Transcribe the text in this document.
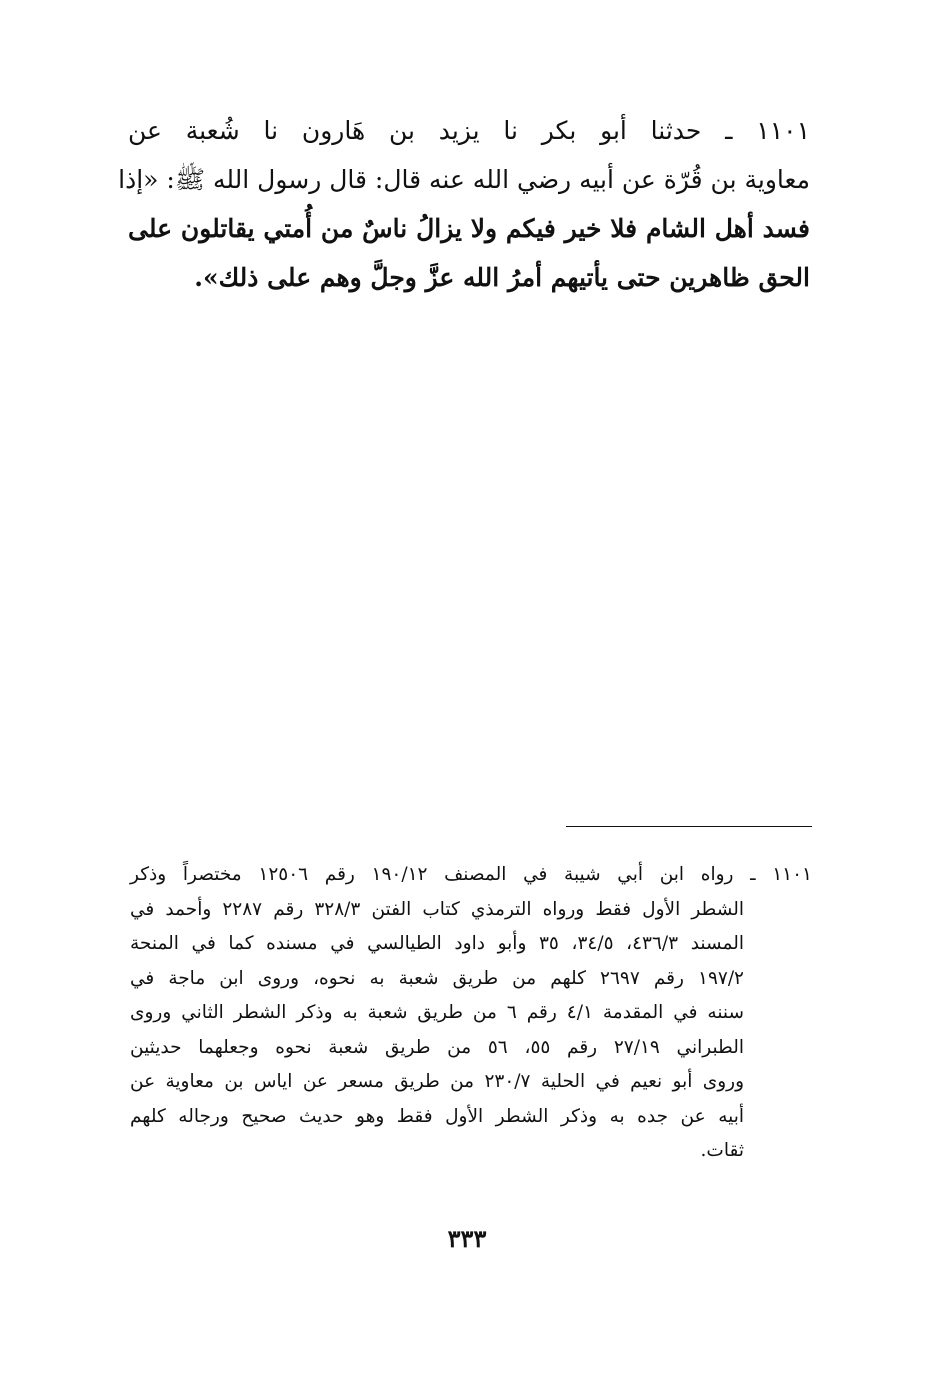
١١٠١ ـ حدثنا أبو بكر نا يزيد بن هَارون نا شُعبة عن
معاوية بن قُرّة عن أبيه رضي الله عنه قال: قال رسول الله ﷺ: «إذا
فسد أهل الشام فلا خير فيكم ولا يزالُ ناسٌ من أُمتي يقاتلون على
الحق ظاهرين حتى يأتيهم أمرُ الله عزَّ وجلَّ وهم على ذلك».
١١٠١ ـ رواه ابن أبي شيبة في المصنف ١٩٠/١٢ رقم ١٢٥٠٦ مختصراً وذكر
الشطر الأول فقط ورواه الترمذي كتاب الفتن ٣٢٨/٣ رقم ٢٢٨٧ وأحمد في
المسند ٤٣٦/٣، ٣٤/٥، ٣٥ وأبو داود الطيالسي في مسنده كما في المنحة
١٩٧/٢ رقم ٢٦٩٧ كلهم من طريق شعبة به نحوه، وروى ابن ماجة في
سننه في المقدمة ٤/١ رقم ٦ من طريق شعبة به وذكر الشطر الثاني وروى
الطبراني ٢٧/١٩ رقم ٥٥، ٥٦ من طريق شعبة نحوه وجعلهما حديثين
وروى أبو نعيم في الحلية ٢٣٠/٧ من طريق مسعر عن اياس بن معاوية عن
أبيه عن جده به وذكر الشطر الأول فقط وهو حديث صحيح ورجاله كلهم
ثقات.
٣٣٣
